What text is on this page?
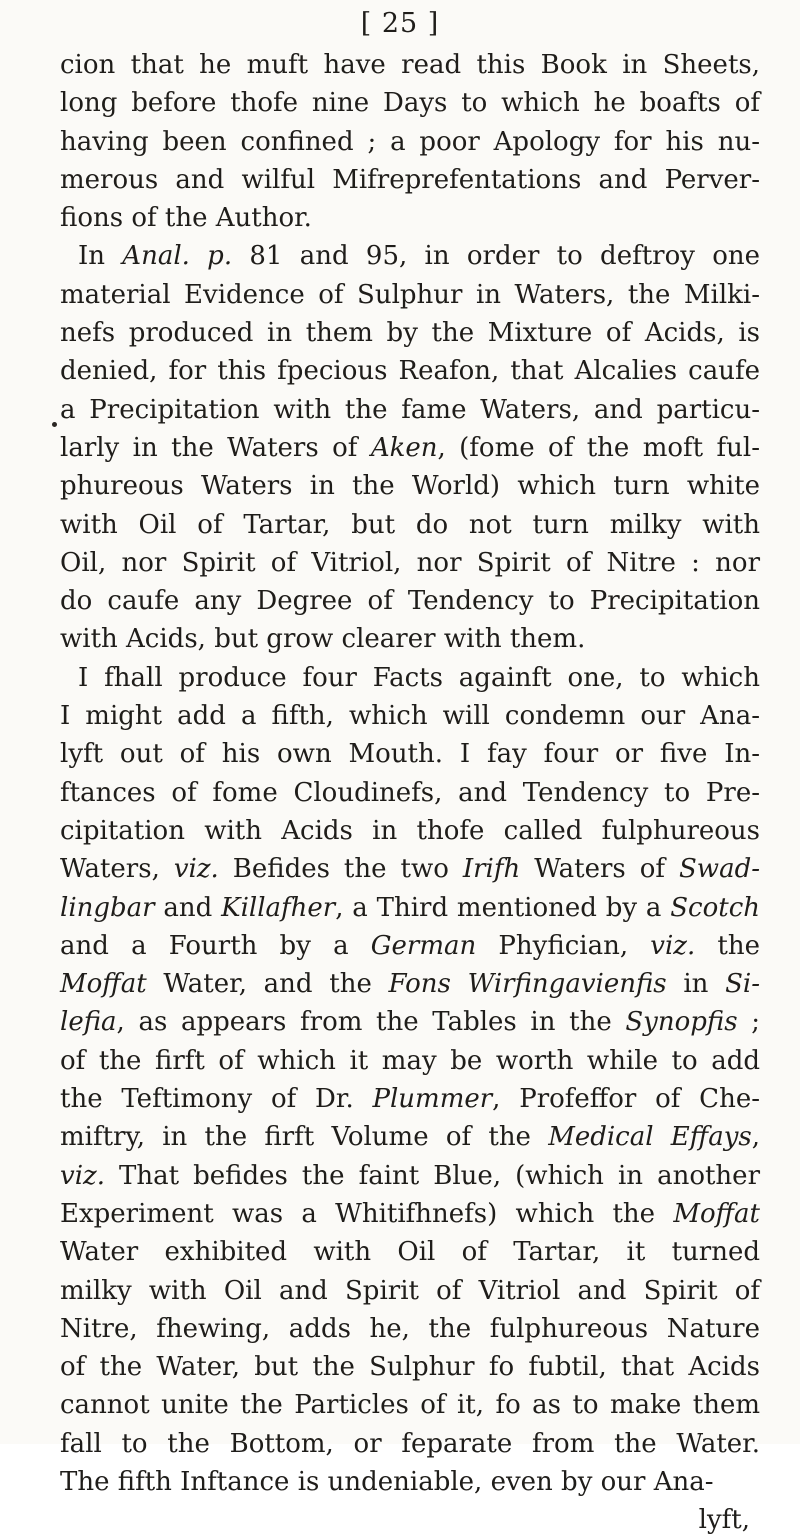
[ 25 ]
cion that he muft have read this Book in Sheets,
long before thofe nine Days to which he boafts of
having been confined ; a poor Apology for his nu-
merous and wilful Mifreprefentations and Perver-
fions of the Author.
In Anal. p. 81 and 95, in order to deftroy one
material Evidence of Sulphur in Waters, the Milki-
nefs produced in them by the Mixture of Acids, is
denied, for this fpecious Reafon, that Alcalies caufe
a Precipitation with the fame Waters, and particu-
larly in the Waters of Aken, (fome of the moft ful-
phureous Waters in the World) which turn white
with Oil of Tartar, but do not turn milky with
Oil, nor Spirit of Vitriol, nor Spirit of Nitre : nor
do caufe any Degree of Tendency to Precipitation
with Acids, but grow clearer with them.
I fhall produce four Facts againft one, to which
I might add a fifth, which will condemn our Ana-
lyft out of his own Mouth. I fay four or five In-
ftances of fome Cloudinefs, and Tendency to Pre-
cipitation with Acids in thofe called fulphureous
Waters, viz. Befides the two Irifh Waters of Swad-
lingbar and Killafher, a Third mentioned by a Scotch
and a Fourth by a German Phyfician, viz. the
Moffat Water, and the Fons Wirfingavienfis in Si-
lefia, as appears from the Tables in the Synopfis ;
of the firft of which it may be worth while to add
the Teftimony of Dr. Plummer, Profeffor of Che-
miftry, in the firft Volume of the Medical Effays,
viz. That befides the faint Blue, (which in another
Experiment was a Whitifhnefs) which the Moffat
Water exhibited with Oil of Tartar, it turned
milky with Oil and Spirit of Vitriol and Spirit of
Nitre, fhewing, adds he, the fulphureous Nature
of the Water, but the Sulphur fo fubtil, that Acids
cannot unite the Particles of it, fo as to make them
fall to the Bottom, or feparate from the Water.
The fifth Inftance is undeniable, even by our Ana-
lyft,
